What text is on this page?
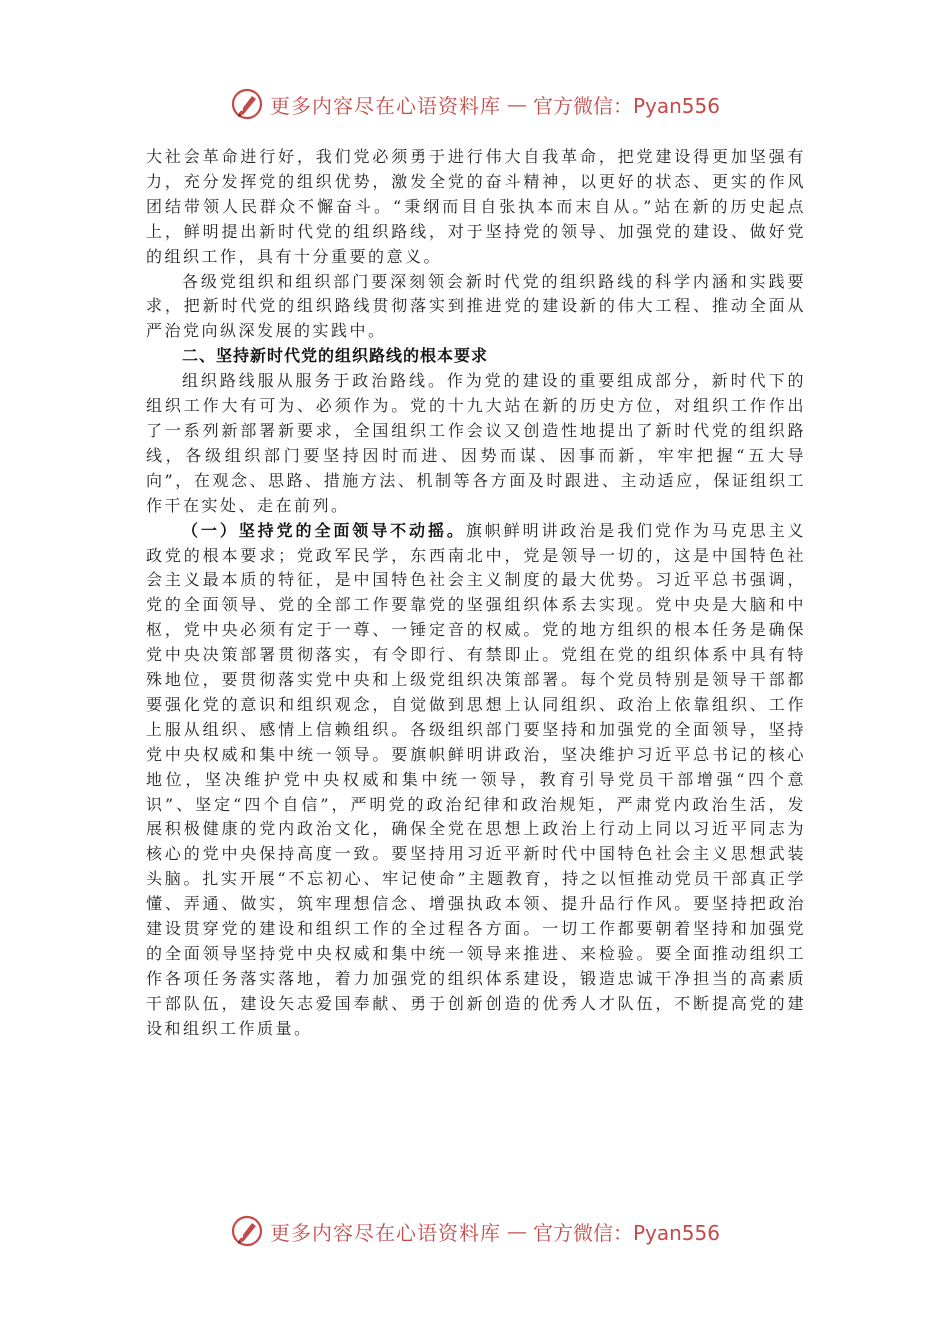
更多内容尽在心语资料库 — 官方微信：Pyan556

大社会革命进行好，我们党必须勇于进行伟大自我革命，把党建设得更加坚强有力，充分发挥党的组织优势，激发全党的奋斗精神，以更好的状态、更实的作风团结带领人民群众不懈奋斗。“秉纲而目自张执本而末自从。”站在新的历史起点上，鲜明提出新时代党的组织路线，对于坚持党的领导、加强党的建设、做好党的组织工作，具有十分重要的意义。

各级党组织和组织部门要深刻领会新时代党的组织路线的科学内涵和实践要求，把新时代党的组织路线贯彻落实到推进党的建设新的伟大工程、推动全面从严治党向纵深发展的实践中。

二、坚持新时代党的组织路线的根本要求

组织路线服从服务于政治路线。作为党的建设的重要组成部分，新时代下的组织工作大有可为、必须作为。党的十九大站在新的历史方位，对组织工作作出了一系列新部署新要求，全国组织工作会议又创造性地提出了新时代党的组织路线，各级组织部门要坚持因时而进、因势而谋、因事而新，牢牢把握“五大导向”，在观念、思路、措施方法、机制等各方面及时跟进、主动适应，保证组织工作干在实处、走在前列。

（一）坚持党的全面领导不动摇。旗帜鲜明讲政治是我们党作为马克思主义政党的根本要求；党政军民学，东西南北中，党是领导一切的，这是中国特色社会主义最本质的特征，是中国特色社会主义制度的最大优势。习近平总书强调，党的全面领导、党的全部工作要靠党的坚强组织体系去实现。党中央是大脑和中枢，党中央必须有定于一尊、一锤定音的权威。党的地方组织的根本任务是确保党中央决策部署贯彻落实，有令即行、有禁即止。党组在党的组织体系中具有特殊地位，要贯彻落实党中央和上级党组织决策部署。每个党员特别是领导干部都要强化党的意识和组织观念，自觉做到思想上认同组织、政治上依靠组织、工作上服从组织、感情上信赖组织。各级组织部门要坚持和加强党的全面领导，坚持党中央权威和集中统一领导。要旗帜鲜明讲政治，坚决维护习近平总书记的核心地位，坚决维护党中央权威和集中统一领导，教育引导党员干部增强“四个意识”、坚定“四个自信”，严明党的政治纪律和政治规矩，严肃党内政治生活，发展积极健康的党内政治文化，确保全党在思想上政治上行动上同以习近平同志为核心的党中央保持高度一致。要坚持用习近平新时代中国特色社会主义思想武装头脑。扎实开展“不忘初心、牢记使命”主题教育，持之以恒推动党员干部真正学懂、弄通、做实，筑牢理想信念、增强执政本领、提升品行作风。要坚持把政治建设贯穿党的建设和组织工作的全过程各方面。一切工作都要朝着坚持和加强党的全面领导坚持党中央权威和集中统一领导来推进、来检验。要全面推动组织工作各项任务落实落地，着力加强党的组织体系建设，锻造忠诚干净担当的高素质干部队伍，建设矢志爱国奉献、勇于创新创造的优秀人才队伍，不断提高党的建设和组织工作质量。

更多内容尽在心语资料库 — 官方微信：Pyan556
